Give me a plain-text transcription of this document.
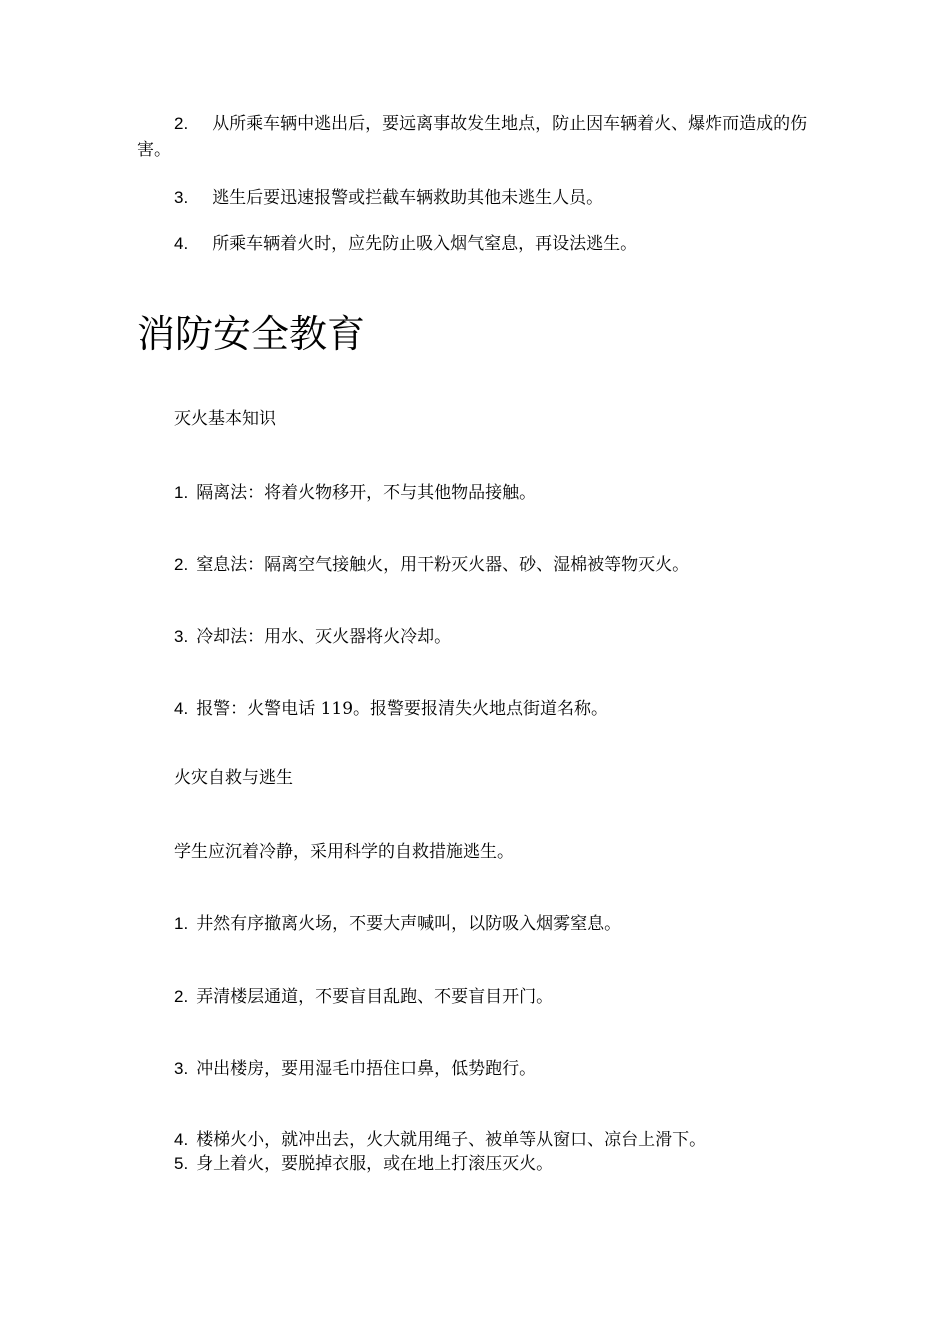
2. 从所乘车辆中逃出后，要远离事故发生地点，防止因车辆着火、爆炸而造成的伤害。
3. 逃生后要迅速报警或拦截车辆救助其他未逃生人员。
4. 所乘车辆着火时，应先防止吸入烟气窒息，再设法逃生。
消防安全教育
灭火基本知识
1. 隔离法：将着火物移开，不与其他物品接触。
2. 窒息法：隔离空气接触火，用干粉灭火器、砂、湿棉被等物灭火。
3. 冷却法：用水、灭火器将火冷却。
4. 报警：火警电话 119。报警要报清失火地点街道名称。
火灾自救与逃生
学生应沉着冷静，采用科学的自救措施逃生。
1. 井然有序撤离火场，不要大声喊叫，以防吸入烟雾窒息。
2. 弄清楼层通道，不要盲目乱跑、不要盲目开门。
3. 冲出楼房，要用湿毛巾捂住口鼻，低势跑行。
4. 楼梯火小，就冲出去，火大就用绳子、被单等从窗口、凉台上滑下。
5. 身上着火，要脱掉衣服，或在地上打滚压灭火。
